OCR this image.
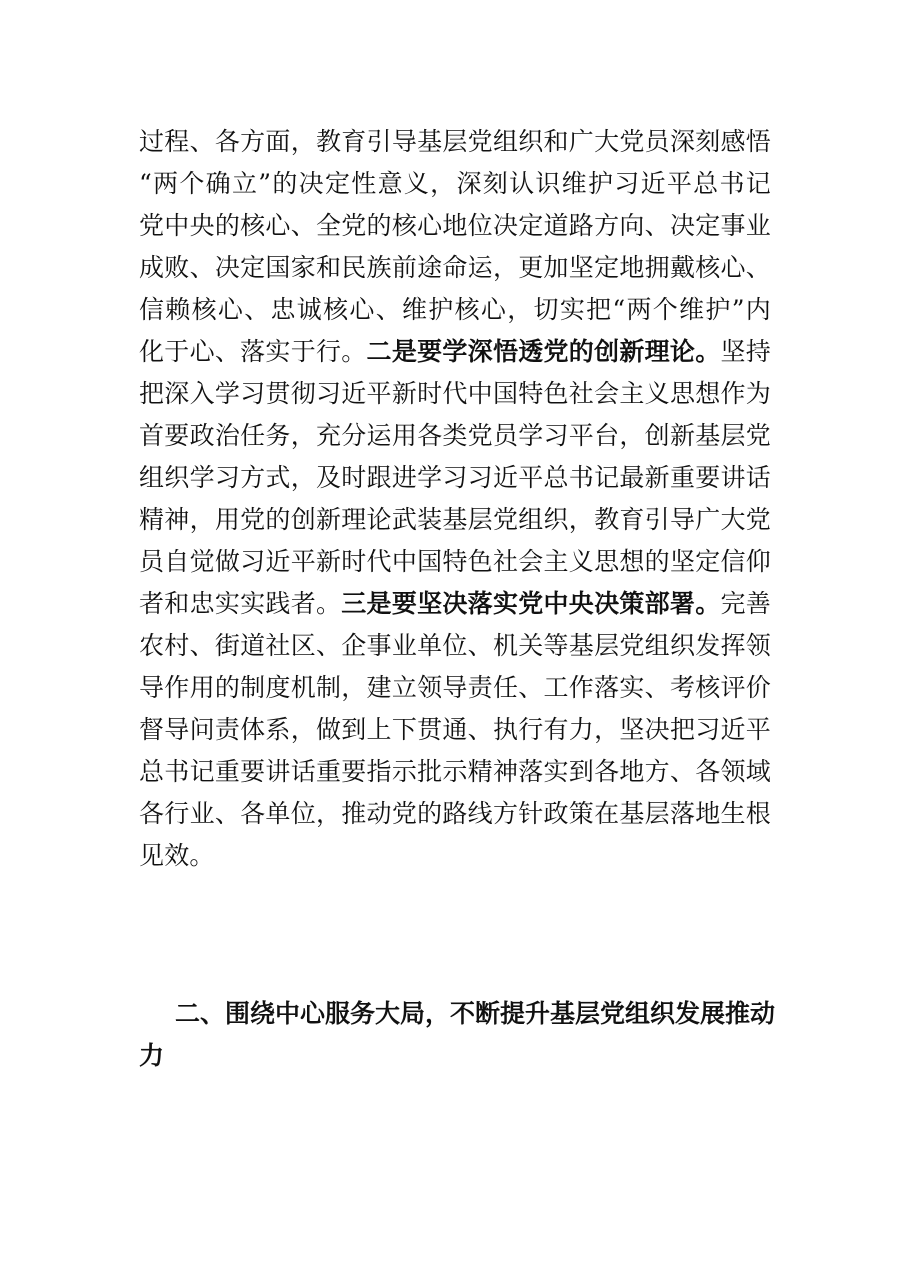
过程、各方面，教育引导基层党组织和广大党员深刻感悟
“两个确立”的决定性意义，深刻认识维护习近平总书记
党中央的核心、全党的核心地位决定道路方向、决定事业
成败、决定国家和民族前途命运，更加坚定地拥戴核心、
信赖核心、忠诚核心、维护核心，切实把“两个维护”内
化于心、落实于行。二是要学深悟透党的创新理论。坚持
把深入学习贯彻习近平新时代中国特色社会主义思想作为
首要政治任务，充分运用各类党员学习平台，创新基层党
组织学习方式，及时跟进学习习近平总书记最新重要讲话
精神，用党的创新理论武装基层党组织，教育引导广大党
员自觉做习近平新时代中国特色社会主义思想的坚定信仰
者和忠实实践者。三是要坚决落实党中央决策部署。完善
农村、街道社区、企事业单位、机关等基层党组织发挥领
导作用的制度机制，建立领导责任、工作落实、考核评价
督导问责体系，做到上下贯通、执行有力，坚决把习近平
总书记重要讲话重要指示批示精神落实到各地方、各领域
各行业、各单位，推动党的路线方针政策在基层落地生根
见效。
二、围绕中心服务大局，不断提升基层党组织发展推动
力
